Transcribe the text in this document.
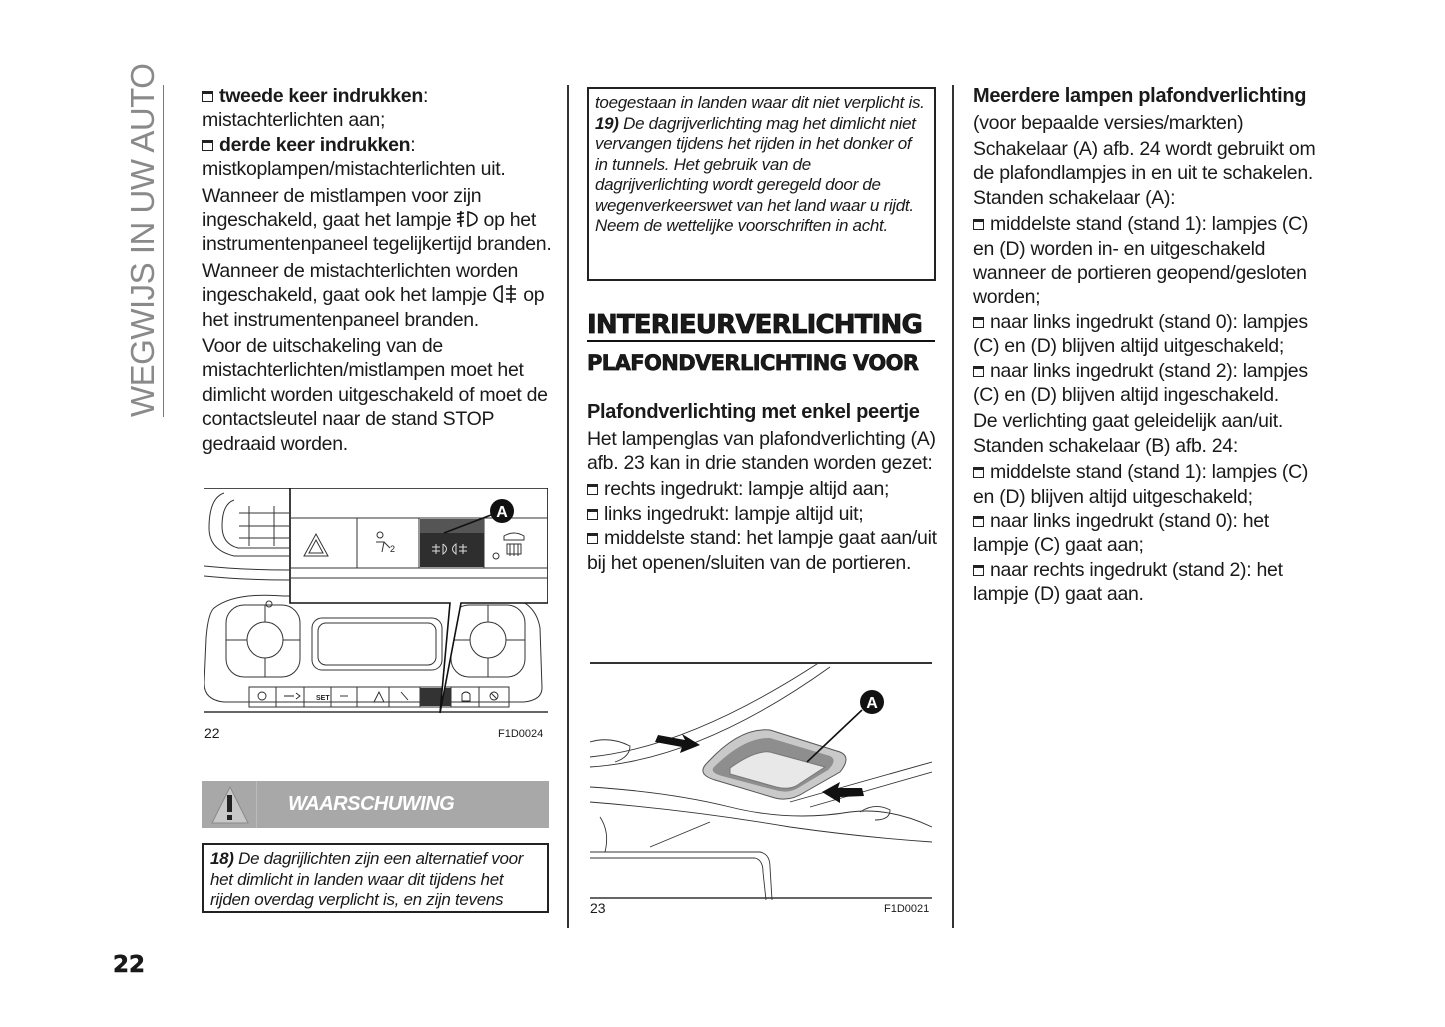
WEGWIJS IN UW AUTO	tweede keer indrukken:

mistachterlichten aan;

derde keer indrukken:

mistkoplampen/mistachterlichten uit.

Wanneer de mistlampen voor zijn ingeschakeld, gaat het lampje  op het instrumentenpaneel tegelijkertijd branden.

Wanneer de mistachterlichten worden ingeschakeld, gaat ook het lampje  op het instrumentenpaneel branden.

Voor de uitschakeling van de mistachterlichten/mistlampen moet het dimlicht worden uitgeschakeld of moet de contactsleutel naar de stand STOP gedraaid worden.

SET
2
A
22	F1D0024
WAARSCHUWING
18) De dagrijlichten zijn een alternatief voor het dimlicht in landen waar dit tijdens het rijden overdag verplicht is, en zijn tevens
toegestaan in landen waar dit niet verplicht is.
19) De dagrijverlichting mag het dimlicht niet vervangen tijdens het rijden in het donker of in tunnels. Het gebruik van de dagrijverlichting wordt geregeld door de wegenverkeerswet van het land waar u rijdt. Neem de wettelijke voorschriften in acht.
INTERIEURVERLICHTING
PLAFONDVERLICHTING VOOR
Plafondverlichting met enkel peertje

Het lampenglas van plafondverlichting (A) afb. 23 kan in drie standen worden gezet:

rechts ingedrukt: lampje altijd aan;

links ingedrukt: lampje altijd uit;

middelste stand: het lampje gaat aan/uit bij het openen/sluiten van de portieren.

A
23	F1D0021
Meerdere lampen plafondverlichting

(voor bepaalde versies/markten)

Schakelaar (A) afb. 24 wordt gebruikt om de plafondlampjes in en uit te schakelen. Standen schakelaar (A):

middelste stand (stand 1): lampjes (C) en (D) worden in- en uitgeschakeld wanneer de portieren geopend/gesloten worden;

naar links ingedrukt (stand 0): lampjes (C) en (D) blijven altijd uitgeschakeld;

naar links ingedrukt (stand 2): lampjes (C) en (D) blijven altijd ingeschakeld.

De verlichting gaat geleidelijk aan/uit. Standen schakelaar (B) afb. 24:

middelste stand (stand 1): lampjes (C) en (D) blijven altijd uitgeschakeld;

naar links ingedrukt (stand 0): het lampje (C) gaat aan;

naar rechts ingedrukt (stand 2): het lampje (D) gaat aan.

22
